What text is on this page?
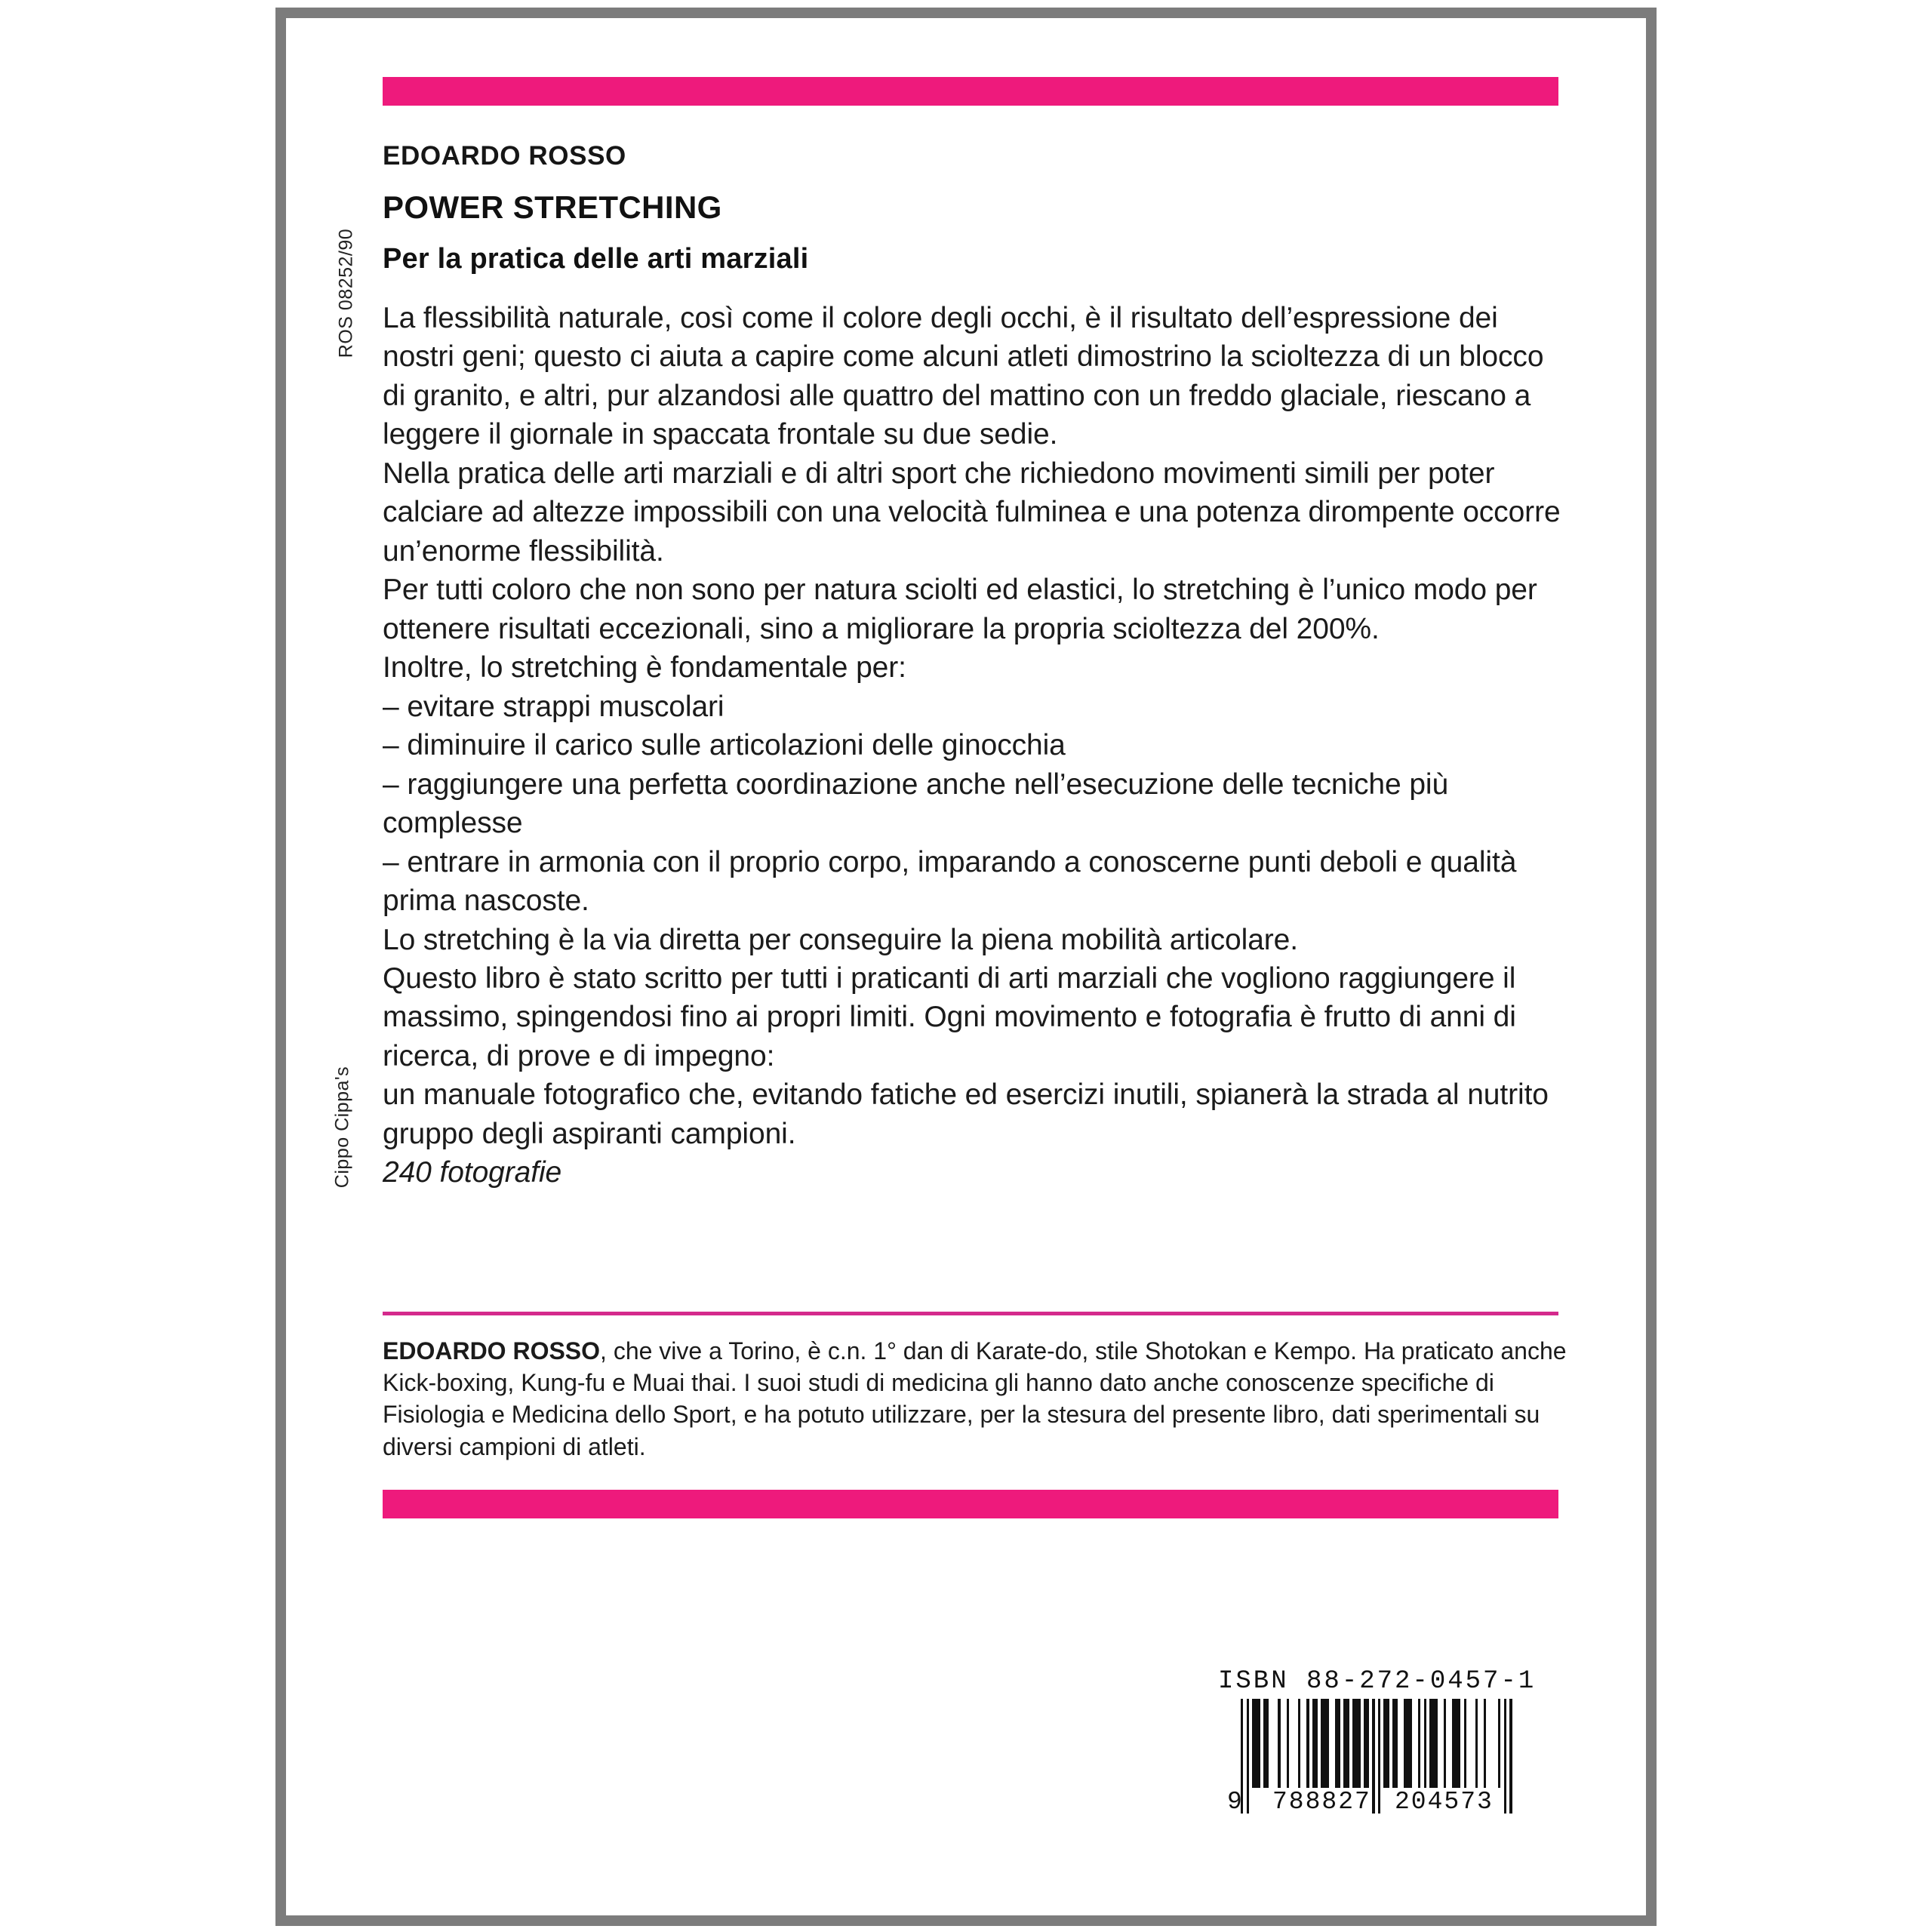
ROS 08252/90
Cippo Cippa's
EDOARDO ROSSO
POWER STRETCHING
Per la pratica delle arti marziali

La flessibilità naturale, così come il colore degli occhi, è il risultato dell’espressione dei nostri geni; questo ci aiuta a capire come alcuni atleti dimostrino la scioltezza di un blocco di granito, e altri, pur alzandosi alle quattro del mattino con un freddo glaciale, riescano a leggere il giornale in spaccata frontale su due sedie.

Nella pratica delle arti marziali e di altri sport che richiedono movimenti simili per poter calciare ad altezze impossibili con una velocità fulminea e una potenza dirompente occorre un’enorme flessibilità.

Per tutti coloro che non sono per natura sciolti ed elastici, lo stretching è l’unico modo per ottenere risultati eccezionali, sino a migliorare la propria scioltezza del 200%.

Inoltre, lo stretching è fondamentale per:

– evitare strappi muscolari

– diminuire il carico sulle articolazioni delle ginocchia

– raggiungere una perfetta coordinazione anche nell’esecuzione delle tecniche più complesse

– entrare in armonia con il proprio corpo, imparando a conoscerne punti deboli e qualità prima nascoste.

Lo stretching è la via diretta per conseguire la piena mobilità articolare.

Questo libro è stato scritto per tutti i praticanti di arti marziali che vogliono raggiungere il massimo, spingendosi fino ai propri limiti. Ogni movimento e fotografia è frutto di anni di ricerca, di prove e di impegno:

un manuale fotografico che, evitando fatiche ed esercizi inutili, spianerà la strada al nutrito gruppo degli aspiranti campioni.

240 fotografie

EDOARDO ROSSO, che vive a Torino, è c.n. 1° dan di Karate-do, stile Shotokan e Kempo. Ha praticato anche Kick-boxing, Kung-fu e Muai thai. I suoi studi di medicina gli hanno dato anche conoscenze specifiche di Fisiologia e Medicina dello Sport, e ha potuto utilizzare, per la stesura del presente libro, dati sperimentali su diversi campioni di atleti.
ISBN 88-272-0457-1
9 788827 204573
